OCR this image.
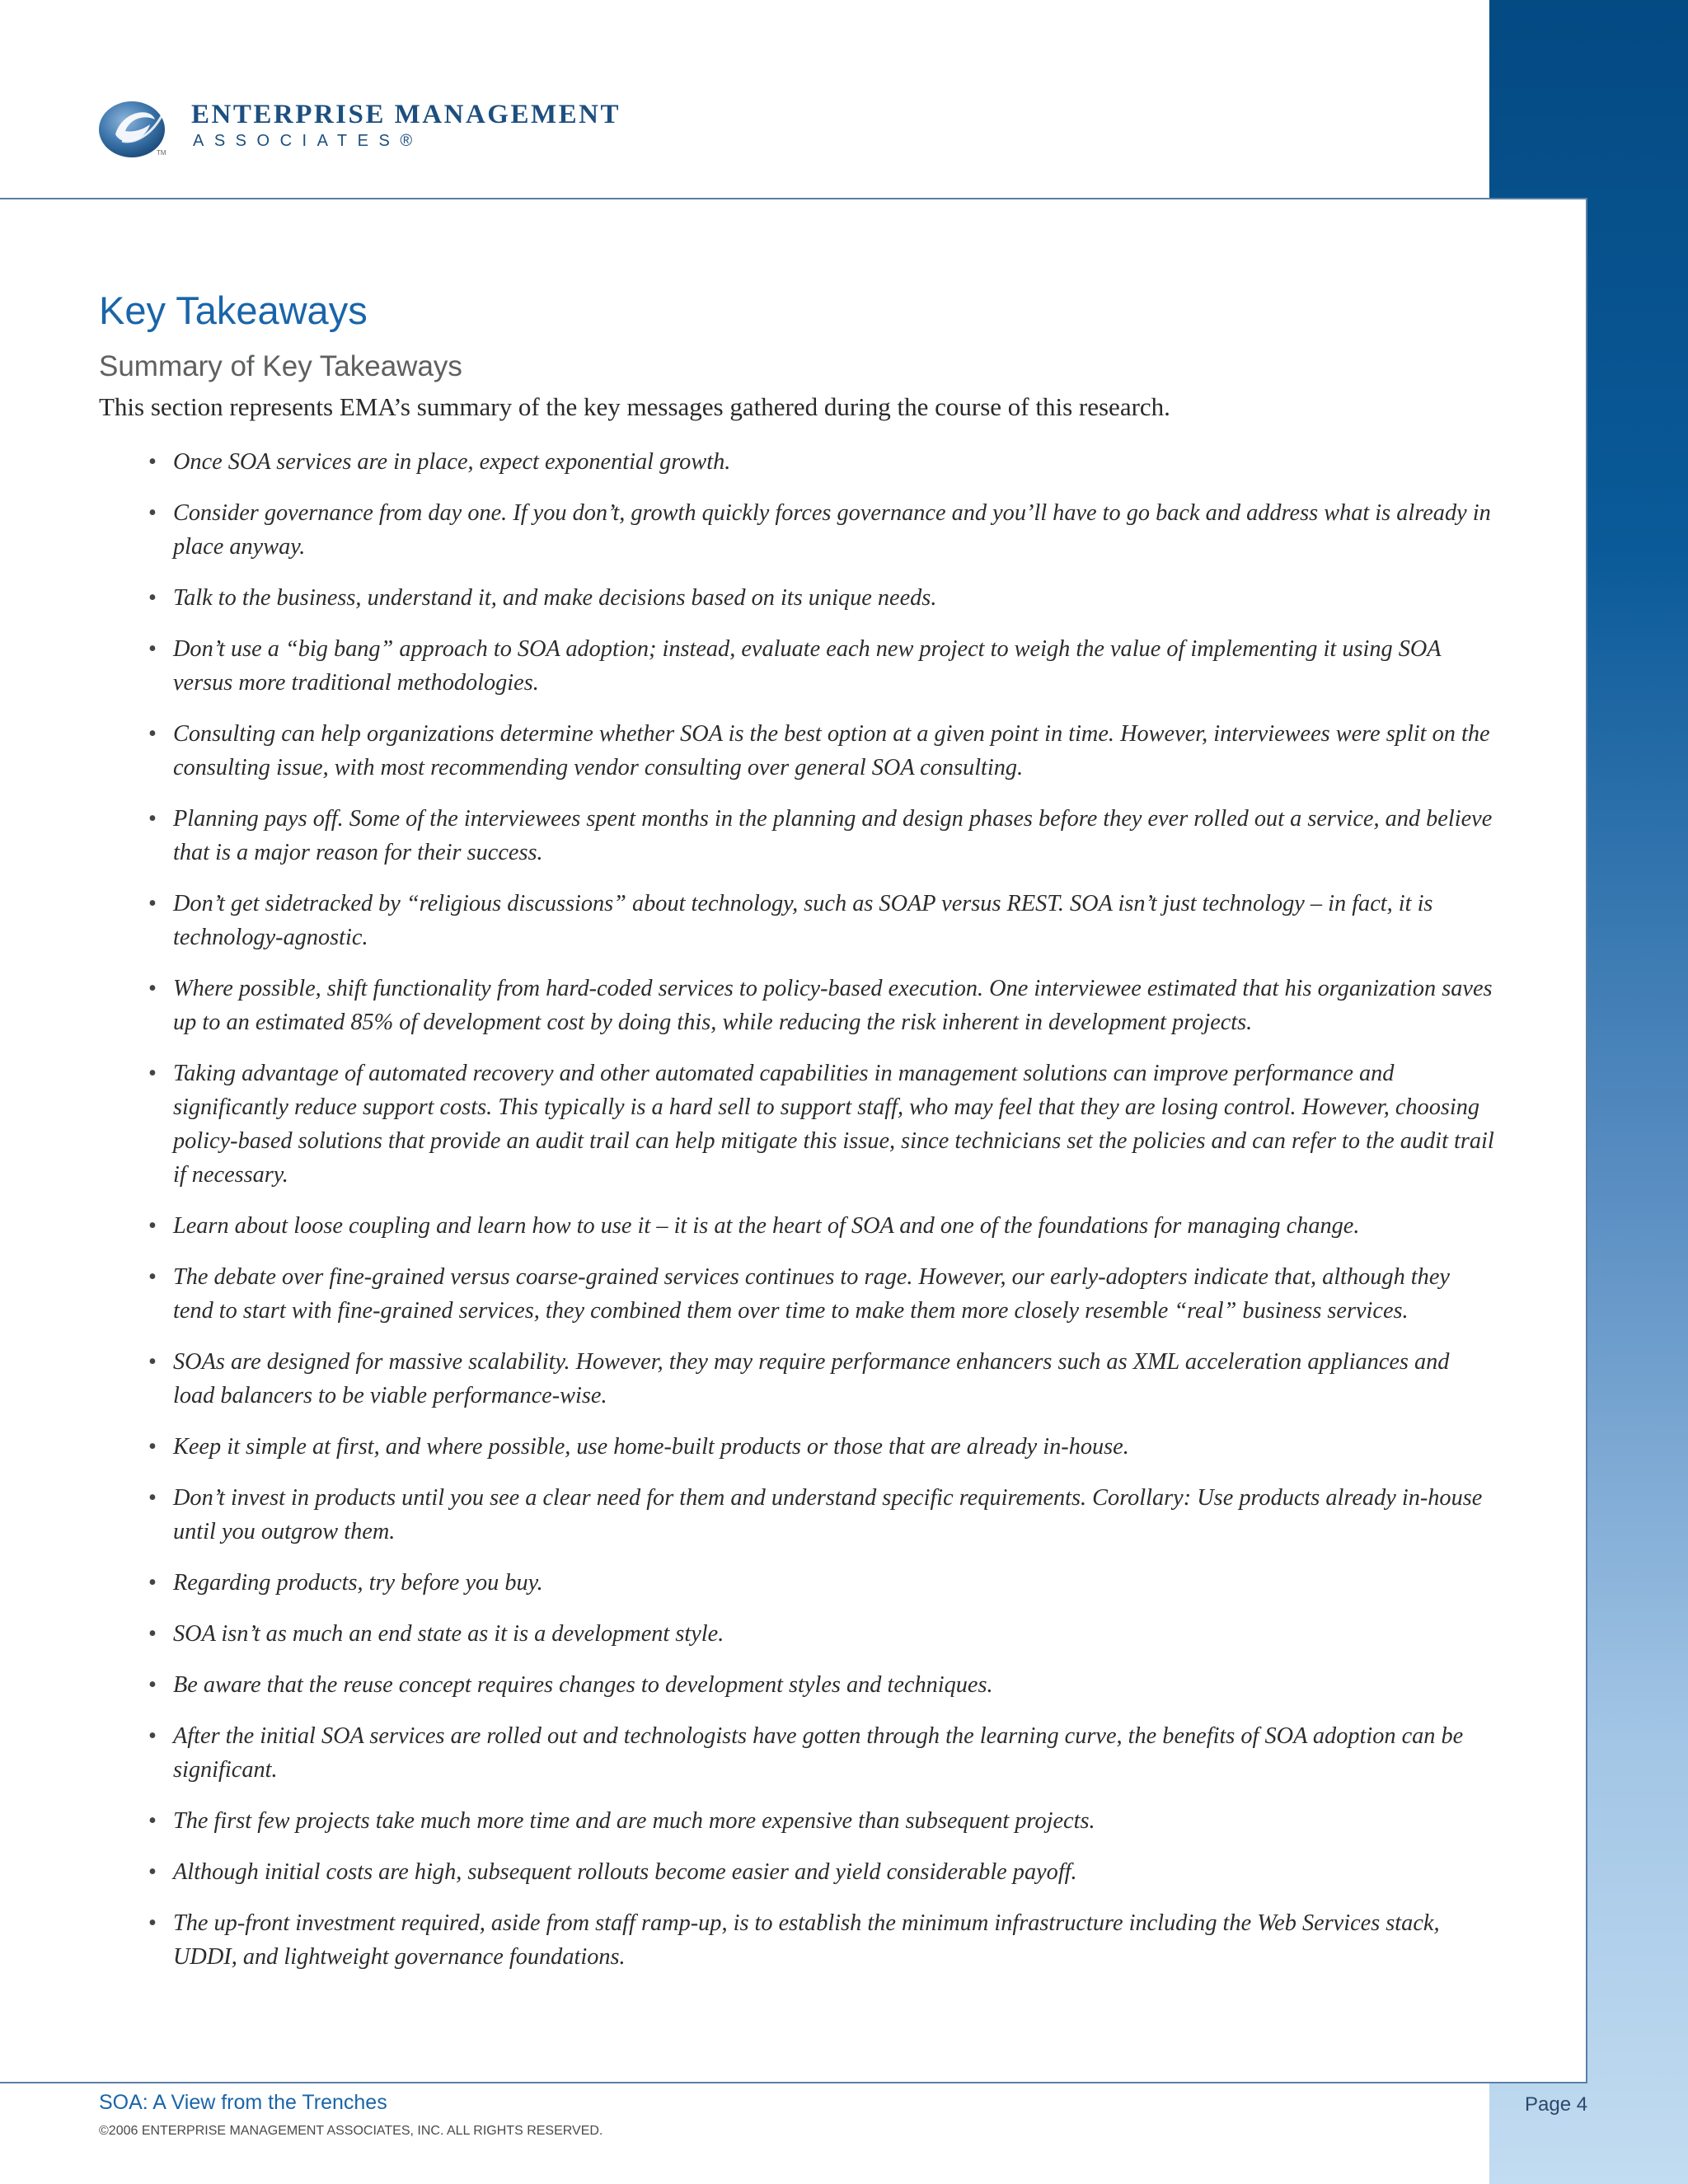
TM
ENTERPRISE MANAGEMENT
ASSOCIATES®
Key Takeaways
Summary of Key Takeaways

This section represents EMA’s summary of the key messages gathered during the course of this research.

• Once SOA services are in place, expect exponential growth.
• Consider governance from day one. If you don’t, growth quickly forces governance and you’ll have to go back and address what is already in place anyway.
• Talk to the business, understand it, and make decisions based on its unique needs.
• Don’t use a “big bang” approach to SOA adoption; instead, evaluate each new project to weigh the value of implementing it using SOA versus more traditional methodologies.
• Consulting can help organizations determine whether SOA is the best option at a given point in time. However, interviewees were split on the consulting issue, with most recommending vendor consulting over general SOA consulting.
• Planning pays off. Some of the interviewees spent months in the planning and design phases before they ever rolled out a service, and believe that is a major reason for their success.
• Don’t get sidetracked by “religious discussions” about technology, such as SOAP versus REST. SOA isn’t just technology – in fact, it is technology-agnostic.
• Where possible, shift functionality from hard-coded services to policy-based execution. One interviewee estimated that his organization saves up to an estimated 85% of development cost by doing this, while reducing the risk inherent in development projects.
• Taking advantage of automated recovery and other automated capabilities in management solutions can improve performance and significantly reduce support costs. This typically is a hard sell to support staff, who may feel that they are losing control. However, choosing policy-based solutions that provide an audit trail can help mitigate this issue, since technicians set the policies and can refer to the audit trail if necessary.
• Learn about loose coupling and learn how to use it – it is at the heart of SOA and one of the foundations for managing change.
• The debate over fine-grained versus coarse-grained services continues to rage. However, our early-adopters indicate that, although they tend to start with fine-grained services, they combined them over time to make them more closely resemble “real” business services.
• SOAs are designed for massive scalability. However, they may require performance enhancers such as XML acceleration appliances and load balancers to be viable performance-wise.
• Keep it simple at first, and where possible, use home-built products or those that are already in-house.
• Don’t invest in products until you see a clear need for them and understand specific requirements. Corollary: Use products already in-house until you outgrow them.
• Regarding products, try before you buy.
• SOA isn’t as much an end state as it is a development style.
• Be aware that the reuse concept requires changes to development styles and techniques.
• After the initial SOA services are rolled out and technologists have gotten through the learning curve, the benefits of SOA adoption can be significant.
• The first few projects take much more time and are much more expensive than subsequent projects.
• Although initial costs are high, subsequent rollouts become easier and yield considerable payoff.
• The up-front investment required, aside from staff ramp-up, is to establish the minimum infrastructure including the Web Services stack, UDDI, and lightweight governance foundations.
SOA: A View from the Trenches
©2006 ENTERPRISE MANAGEMENT ASSOCIATES, INC. ALL RIGHTS RESERVED.
Page 4
